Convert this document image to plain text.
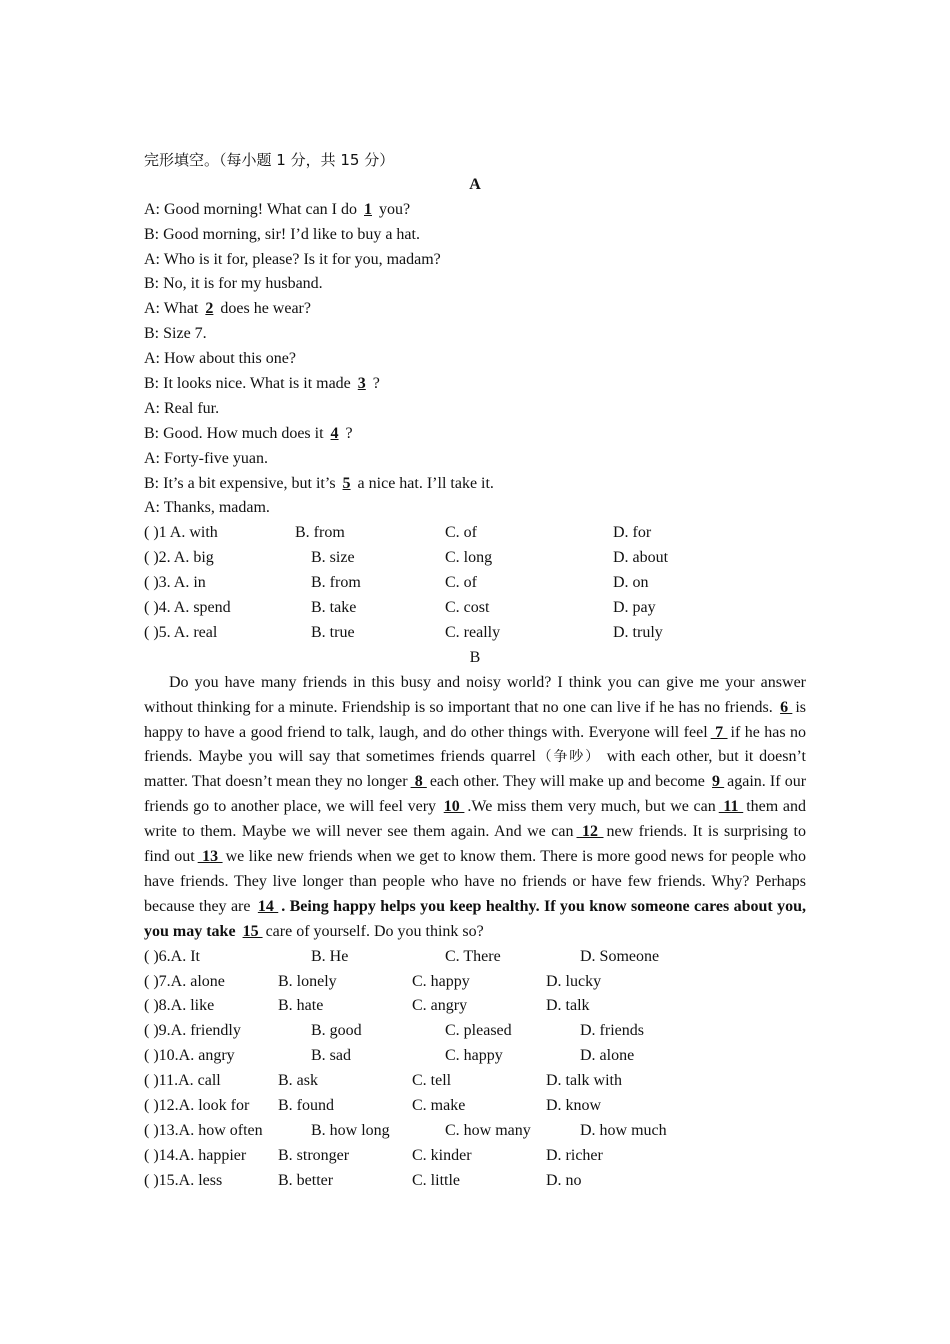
完形填空。（每小题 1 分，共 15 分）
A
A: Good morning! What can I do 1 you?
B: Good morning, sir! I’d like to buy a hat.
A: Who is it for, please? Is it for you, madam?
B: No, it is for my husband.
A: What 2 does he wear?
B: Size 7.
A: How about this one?
B: It looks nice. What is it made 3 ?
A: Real fur.
B: Good. How much does it 4 ?
A: Forty-five yuan.
B: It’s a bit expensive, but it’s 5 a nice hat. I’ll take it.
A: Thanks, madam.
( )1 A. with	B. from	C. of	D. for
( )2. A. big	B. size	C. long	D. about
( )3. A. in	B. from	C. of	D. on
( )4. A. spend	B. take	C. cost	D. pay
( )5. A. real	B. true	C. really	D. truly
B

Do you have many friends in this busy and noisy world? I think you can give me your answer without thinking for a minute. Friendship is so important that no one can live if he has no friends. 6 is happy to have a good friend to talk, laugh, and do other things with. Everyone will feel 7 if he has no friends. Maybe you will say that sometimes friends quarrel（争吵） with each other, but it doesn’t matter. That doesn’t mean they no longer 8 each other. They will make up and become 9 again. If our friends go to another place, we will feel very 10 .We miss them very much, but we can 11 them and write to them. Maybe we will never see them again. And we can 12 new friends. It is surprising to find out 13 we like new friends when we get to know them. There is more good news for people who have friends. They live longer than people who have no friends or have few friends. Why? Perhaps because they are 14 . Being happy helps you keep healthy. If you know someone cares about you, you may take 15 care of yourself. Do you think so?

( )6.A. It	B. He	C. There	D. Someone
( )7.A. alone	B. lonely	C. happy	D. lucky
( )8.A. like	B. hate	C. angry	D. talk
( )9.A. friendly	B. good	C. pleased	D. friends
( )10.A. angry	B. sad	C. happy	D. alone
( )11.A. call	B. ask	C. tell	D. talk with
( )12.A. look for B. found	C. make	D. know
( )13.A. how often	B. how long	C. how many	D. how much
( )14.A. happier B. stronger	C. kinder	D. richer
( )15.A. less	B. better	C. little	D. no
